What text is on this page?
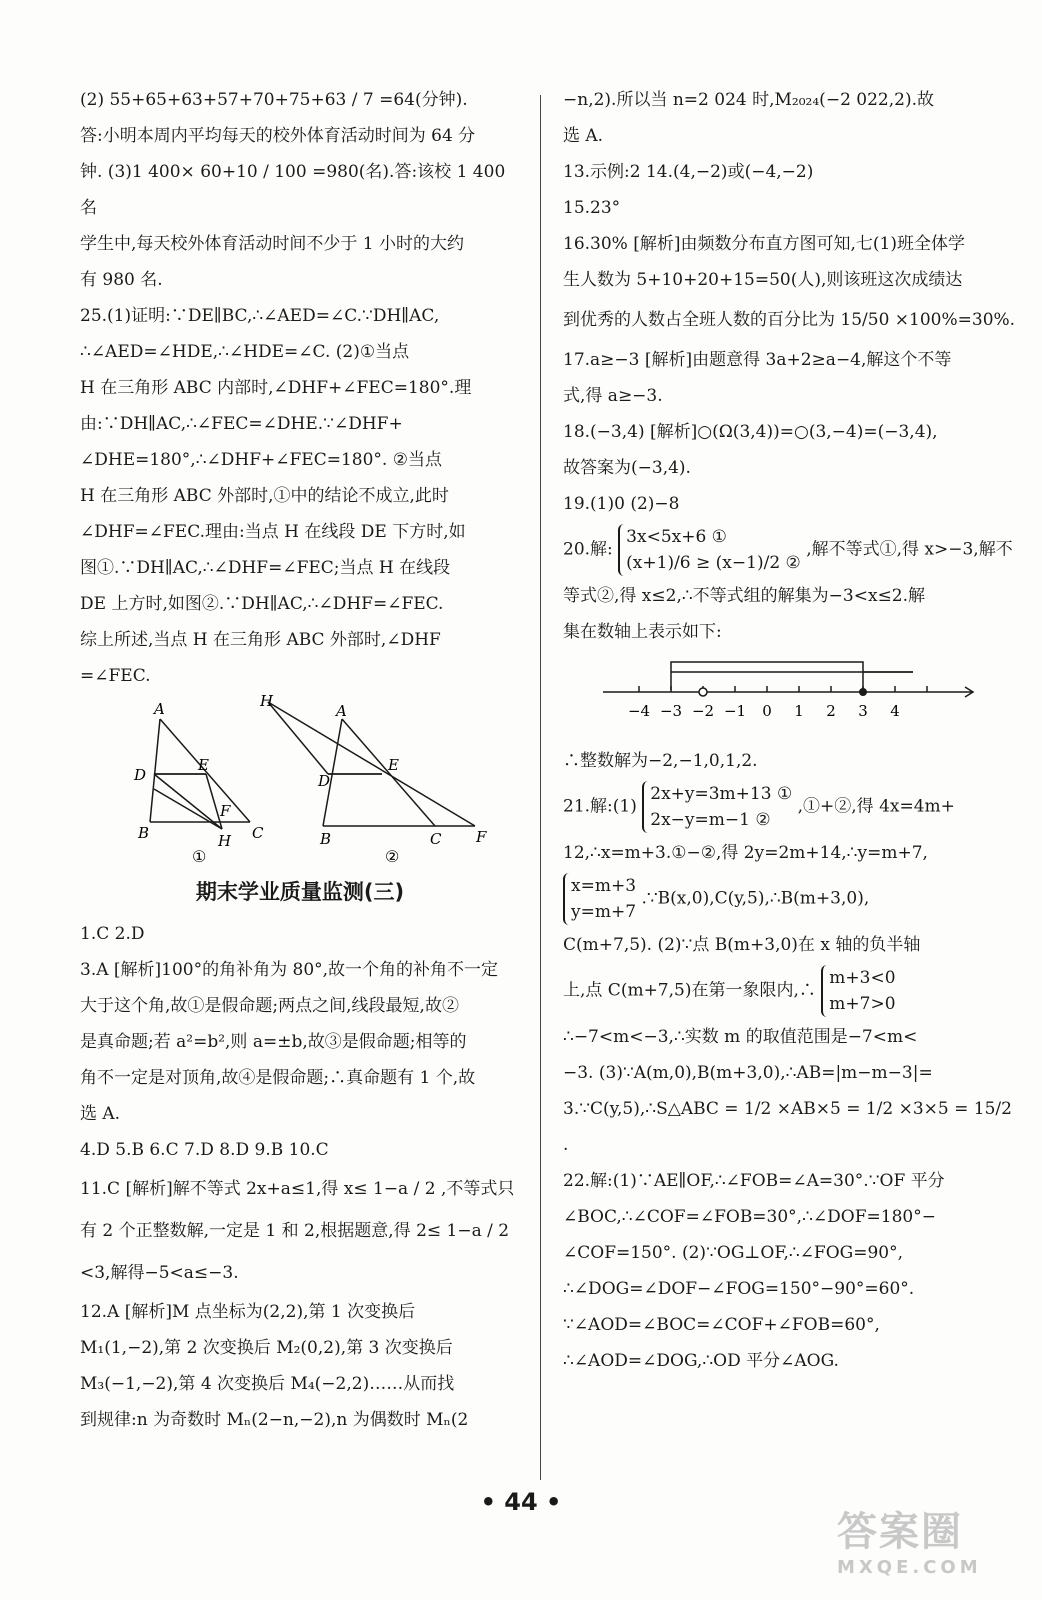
(2) 55+65+63+57+70+75+63 / 7 =64(分钟).

答:小明本周内平均每天的校外体育活动时间为 64 分

钟. (3)1 400× 60+10 / 100 =980(名).答:该校 1 400 名

学生中,每天校外体育活动时间不少于 1 小时的大约

有 980 名.

25.(1)证明:∵DE∥BC,∴∠AED=∠C.∵DH∥AC,

∴∠AED=∠HDE,∴∠HDE=∠C. (2)①当点

H 在三角形 ABC 内部时,∠DHF+∠FEC=180°.理

由:∵DH∥AC,∴∠FEC=∠DHE.∵∠DHF+

∠DHE=180°,∴∠DHF+∠FEC=180°. ②当点

H 在三角形 ABC 外部时,①中的结论不成立,此时

∠DHF=∠FEC.理由:当点 H 在线段 DE 下方时,如

图①.∵DH∥AC,∴∠DHF=∠FEC;当点 H 在线段

DE 上方时,如图②.∵DH∥AC,∴∠DHF=∠FEC.

综上所述,当点 H 在三角形 ABC 外部时,∠DHF

=∠FEC.

A
D
E
F
B	H C
①
H
A
D
E
B	C F
②
期末学业质量监测(三)

1.C 2.D

3.A [解析]100°的角补角为 80°,故一个角的补角不一定

大于这个角,故①是假命题;两点之间,线段最短,故②

是真命题;若 a²=b²,则 a=±b,故③是假命题;相等的

角不一定是对顶角,故④是假命题;∴真命题有 1 个,故

选 A.

4.D 5.B 6.C 7.D 8.D 9.B 10.C

11.C [解析]解不等式 2x+a≤1,得 x≤ 1−a / 2 ,不等式只

有 2 个正整数解,一定是 1 和 2,根据题意,得 2≤ 1−a / 2

<3,解得−5<a≤−3.

12.A [解析]M 点坐标为(2,2),第 1 次变换后

M₁(1,−2),第 2 次变换后 M₂(0,2),第 3 次变换后

M₃(−1,−2),第 4 次变换后 M₄(−2,2)……从而找

到规律:n 为奇数时 Mₙ(2−n,−2),n 为偶数时 Mₙ(2

−n,2).所以当 n=2 024 时,M₂₀₂₄(−2 022,2).故

选 A.

13.示例:2 14.(4,−2)或(−4,−2)

15.23°

16.30% [解析]由频数分布直方图可知,七(1)班全体学

生人数为 5+10+20+15=50(人),则该班这次成绩达

到优秀的人数占全班人数的百分比为 15/50 ×100%=30%.

17.a≥−3 [解析]由题意得 3a+2≥a−4,解这个不等

式,得 a≥−3.

18.(−3,4) [解析]○(Ω(3,4))=○(3,−4)=(−3,4),

故答案为(−3,4).

19.(1)0 (2)−8

20.解: 3x<5x+6 ①
(x+1)/6 ≥ (x−1)/2 ② ,解不等式①,得 x>−3,解不

等式②,得 x≤2,∴不等式组的解集为−3<x≤2.解

集在数轴上表示如下:

−4 −3 −2 −1 0 1 2 3 4

∴整数解为−2,−1,0,1,2.

21.解:(1) 2x+y=3m+13 ①
2x−y=m−1 ② ,①+②,得 4x=4m+

12,∴x=m+3.①−②,得 2y=2m+14,∴y=m+7,

x=m+3
y=m+7 .∵B(x,0),C(y,5),∴B(m+3,0),

C(m+7,5). (2)∵点 B(m+3,0)在 x 轴的负半轴

上,点 C(m+7,5)在第一象限内,∴ m+3<0
m+7>0

∴−7<m<−3,∴实数 m 的取值范围是−7<m<

−3. (3)∵A(m,0),B(m+3,0),∴AB=|m−m−3|=

3.∵C(y,5),∴S△ABC = 1/2 ×AB×5 = 1/2 ×3×5 = 15/2 .

22.解:(1)∵AE∥OF,∴∠FOB=∠A=30°.∵OF 平分

∠BOC,∴∠COF=∠FOB=30°,∴∠DOF=180°−

∠COF=150°. (2)∵OG⊥OF,∴∠FOG=90°,

∴∠DOG=∠DOF−∠FOG=150°−90°=60°.

∵∠AOD=∠BOC=∠COF+∠FOB=60°,

∴∠AOD=∠DOG,∴OD 平分∠AOG.

• 44 •
答案圈
MXQE.COM
